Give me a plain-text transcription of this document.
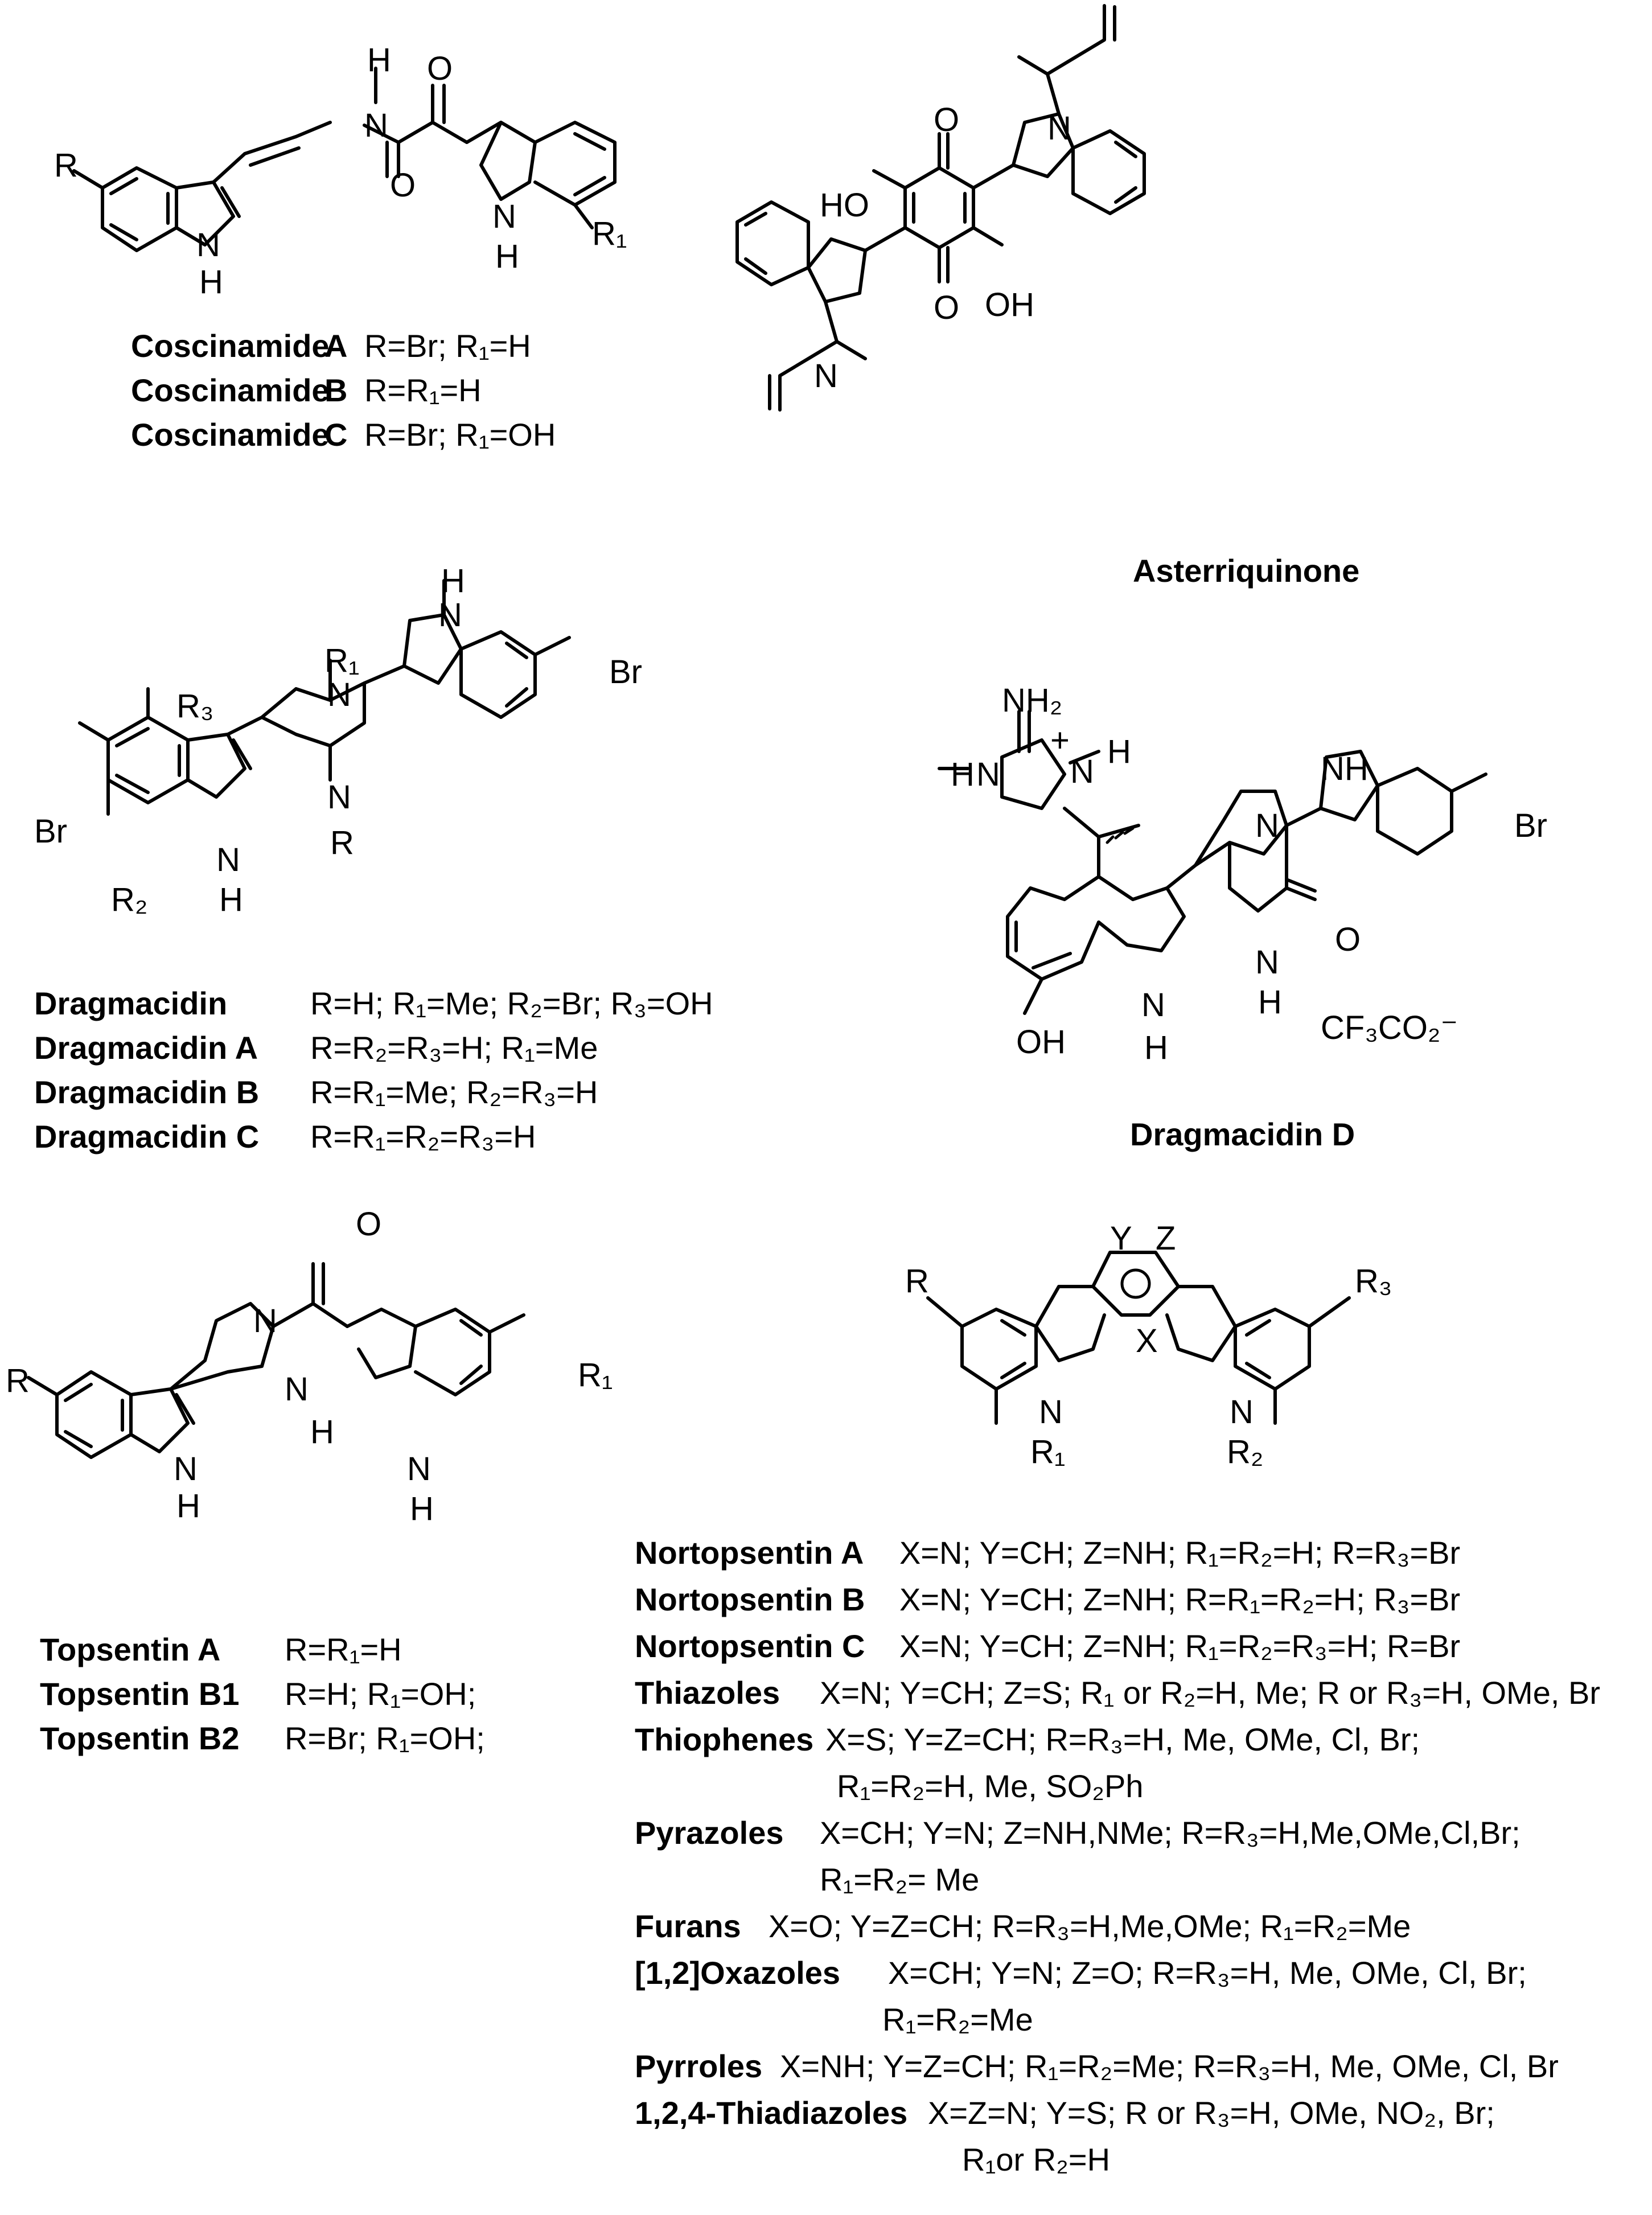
R
N
H
N
H
O
O
N
H
R₁
HO
O
O OH
N
N
Br
R₃
R₂
N
H
R₁
N
N
R
N
H
Br
NH₂
+
H N N
H
OH
N
H
N
N
H
O
NH
Br
CF₃CO₂⁻
R
N
H
N
N
H
O
N
H
R₁
R	R₃
Y Z
X
N
R₁
N
R₂
Asterriquinone
Dragmacidin D
Coscinamide
A R=Br; R₁=H
Coscinamide
B R=R₁=H
Coscinamide
C R=Br; R₁=OH
Dragmacidin	R=H; R₁=Me; R₂=Br; R₃=OH
Dragmacidin A R=R₂=R₃=H; R₁=Me
Dragmacidin B R=R₁=Me; R₂=R₃=H
Dragmacidin C R=R₁=R₂=R₃=H
Topsentin A R=R₁=H
Topsentin B1 R=H; R₁=OH;
Topsentin B2 R=Br; R₁=OH;
Nortopsentin A X=N; Y=CH; Z=NH; R₁=R₂=H; R=R₃=Br
Nortopsentin B X=N; Y=CH; Z=NH; R=R₁=R₂=H; R₃=Br
Nortopsentin C X=N; Y=CH; Z=NH; R₁=R₂=R₃=H; R=Br
Thiazoles X=N; Y=CH; Z=S; R₁ or R₂=H, Me; R or R₃=H, OMe, Br
Thiophenes X=S; Y=Z=CH; R=R₃=H, Me, OMe, Cl, Br;
R₁=R₂=H, Me, SO₂Ph
Pyrazoles X=CH; Y=N; Z=NH,NMe; R=R₃=H,Me,OMe,Cl,Br;
R₁=R₂= Me
Furans X=O; Y=Z=CH; R=R₃=H,Me,OMe; R₁=R₂=Me
[1,2]Oxazoles X=CH; Y=N; Z=O; R=R₃=H, Me, OMe, Cl, Br;
R₁=R₂=Me
Pyrroles X=NH; Y=Z=CH; R₁=R₂=Me; R=R₃=H, Me, OMe, Cl, Br
1,2,4-Thiadiazoles X=Z=N; Y=S; R or R₃=H, OMe, NO₂, Br;
R₁or R₂=H
